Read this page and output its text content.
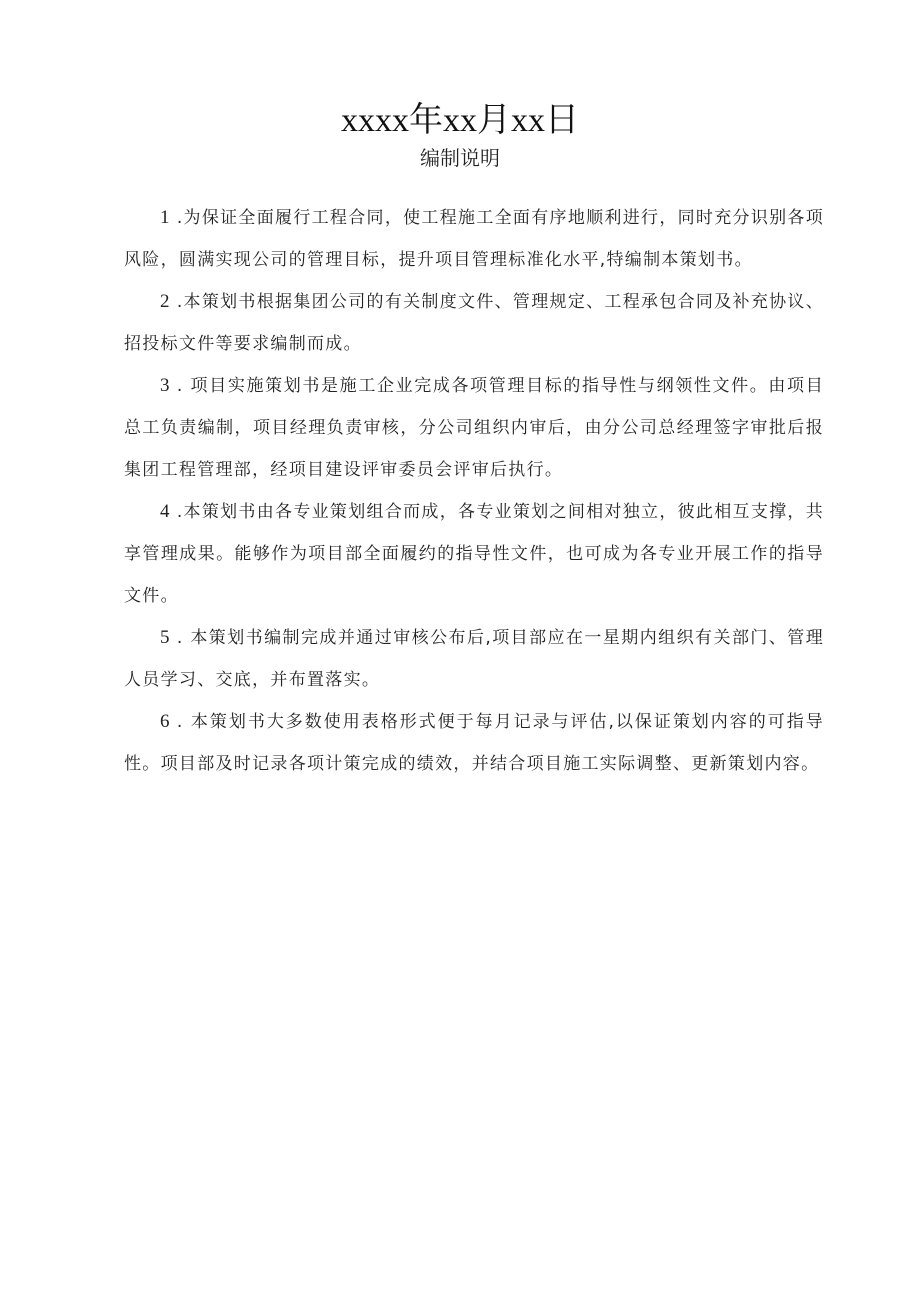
xxxx年xx月xx日
编制说明

1 .为保证全面履行工程合同，使工程施工全面有序地顺利进行，同时充分识别各项风险，圆满实现公司的管理目标，提升项目管理标准化水平,特编制本策划书。

2 .本策划书根据集团公司的有关制度文件、管理规定、工程承包合同及补充协议、招投标文件等要求编制而成。

3 . 项目实施策划书是施工企业完成各项管理目标的指导性与纲领性文件。由项目总工负责编制，项目经理负责审核，分公司组织内审后，由分公司总经理签字审批后报集团工程管理部，经项目建设评审委员会评审后执行。

4 .本策划书由各专业策划组合而成，各专业策划之间相对独立，彼此相互支撑，共享管理成果。能够作为项目部全面履约的指导性文件，也可成为各专业开展工作的指导文件。

5 . 本策划书编制完成并通过审核公布后,项目部应在一星期内组织有关部门、管理人员学习、交底，并布置落实。

6 . 本策划书大多数使用表格形式便于每月记录与评估,以保证策划内容的可指导性。项目部及时记录各项计策完成的绩效，并结合项目施工实际调整、更新策划内容。
